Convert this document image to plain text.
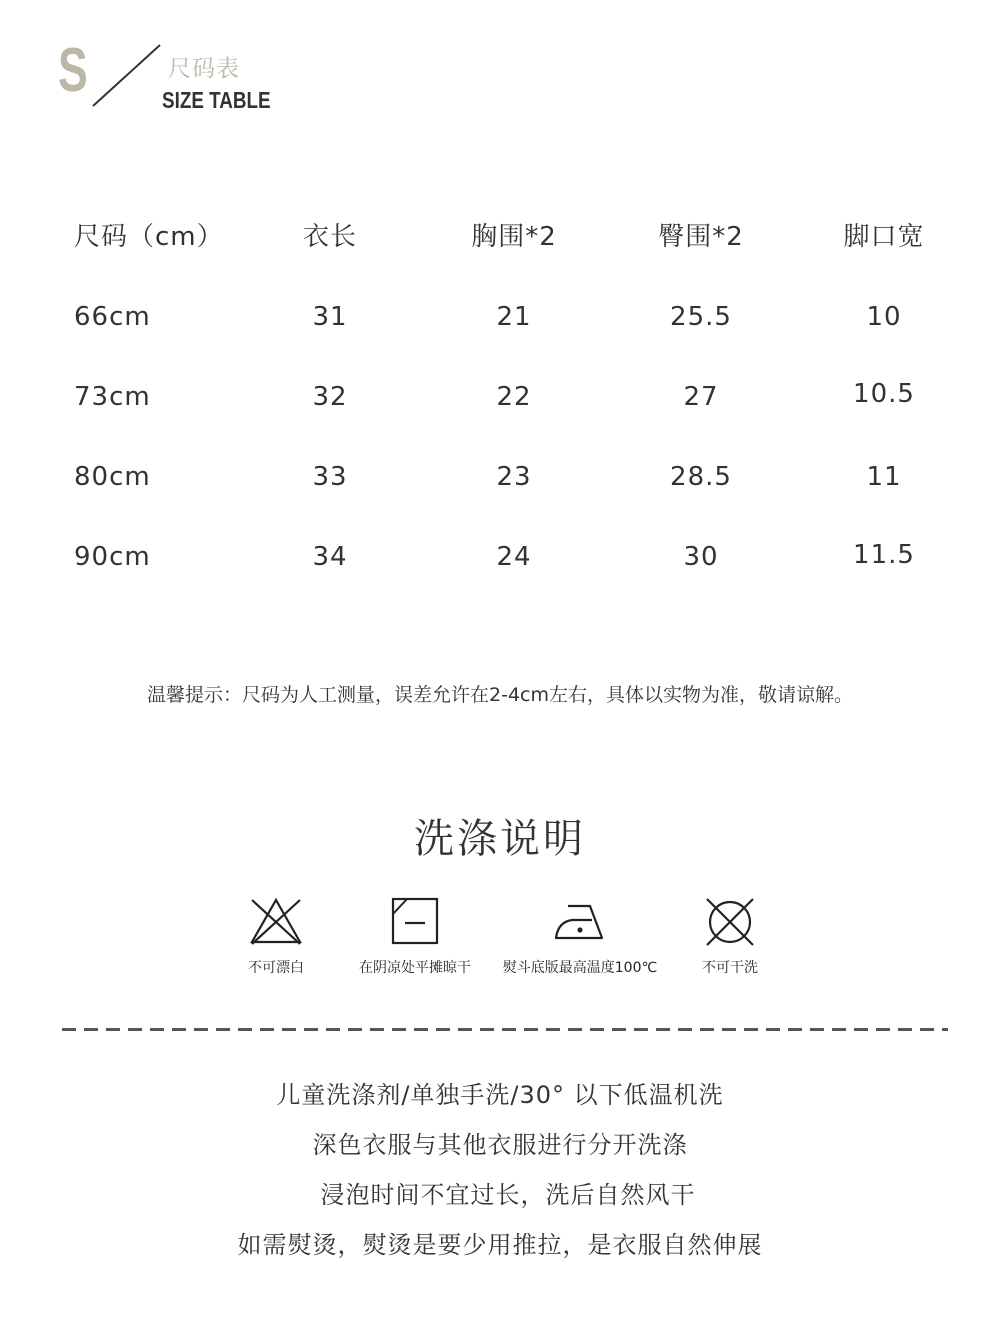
S	尺码表
SIZE TABLE
尺码（cm）	衣长	胸围*2	臀围*2	脚口宽
66cm	31	21	25.5	10
73cm	32	22	27	10.5
80cm	33	23	28.5	11
90cm	34	24	30	11.5
温馨提示：尺码为人工测量，误差允许在2-4cm左右，具体以实物为准，敬请谅解。
洗涤说明
不可漂白	在阴凉处平摊晾干	熨斗底版最高温度100℃	不可干洗
儿童洗涤剂/单独手洗/30° 以下低温机洗
深色衣服与其他衣服进行分开洗涤
浸泡时间不宜过长，洗后自然风干
如需熨烫，熨烫是要少用推拉，是衣服自然伸展
